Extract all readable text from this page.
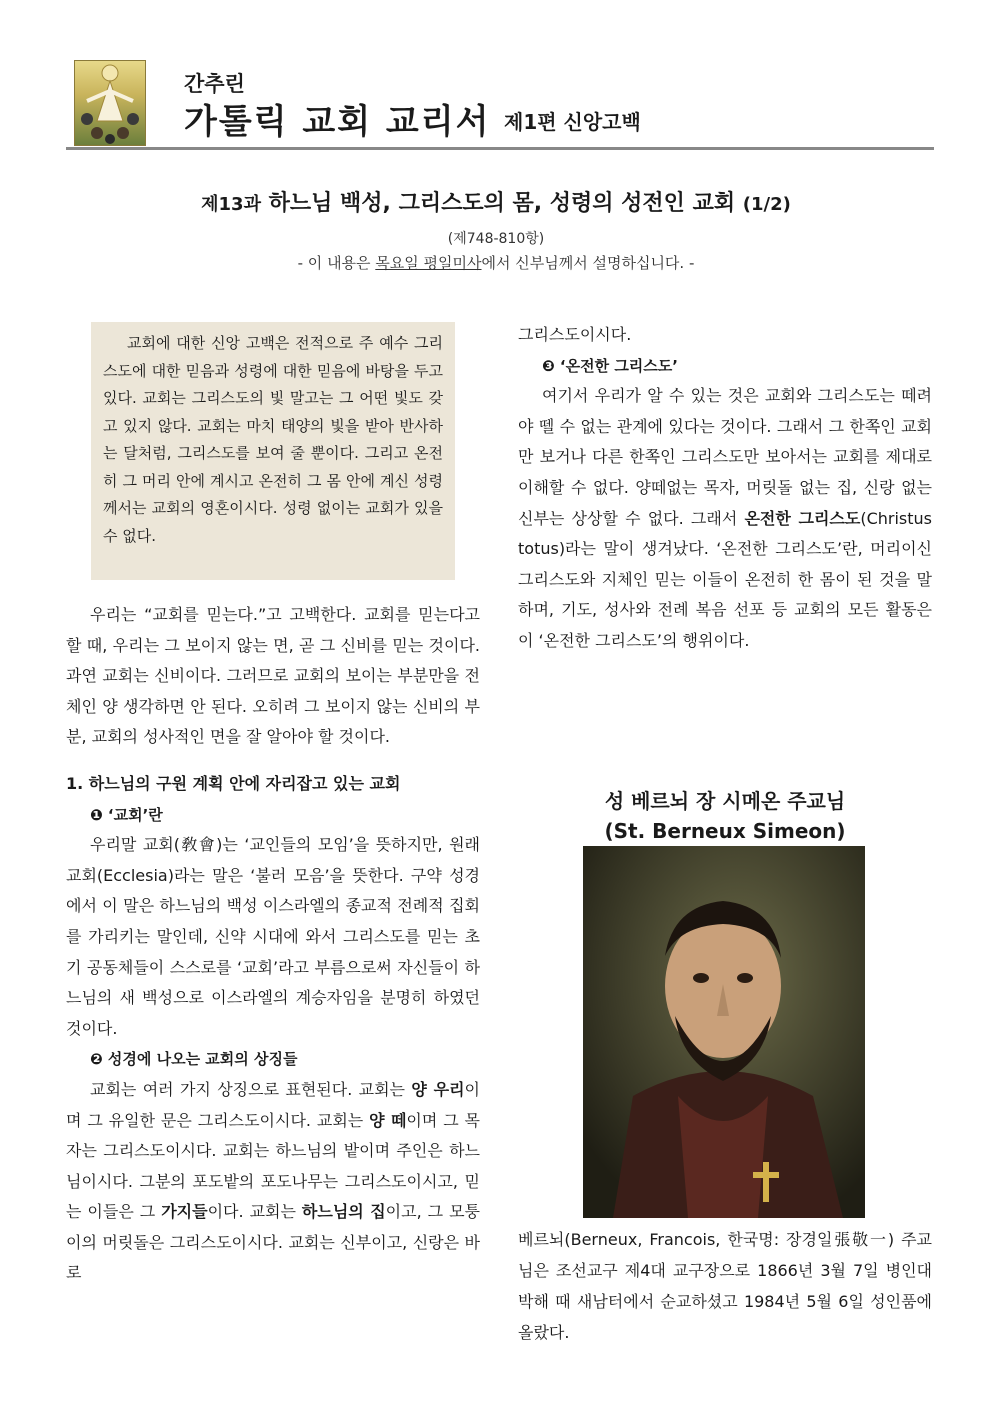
간추린
가톨릭 교회 교리서 제1편 신앙고백
제13과 하느님 백성, 그리스도의 몸, 성령의 성전인 교회 (1/2)
(제748-810항)
- 이 내용은 목요일 평일미사에서 신부님께서 설명하십니다. -

교회에 대한 신앙 고백은 전적으로 주 예수 그리스도에 대한 믿음과 성령에 대한 믿음에 바탕을 두고 있다. 교회는 그리스도의 빛 말고는 그 어떤 빛도 갖고 있지 않다. 교회는 마치 태양의 빛을 받아 반사하는 달처럼, 그리스도를 보여 줄 뿐이다. 그리고 온전히 그 머리 안에 계시고 온전히 그 몸 안에 계신 성령께서는 교회의 영혼이시다. 성령 없이는 교회가 있을 수 없다.

우리는 “교회를 믿는다.”고 고백한다. 교회를 믿는다고 할 때, 우리는 그 보이지 않는 면, 곧 그 신비를 믿는 것이다. 과연 교회는 신비이다. 그러므로 교회의 보이는 부분만을 전체인 양 생각하면 안 된다. 오히려 그 보이지 않는 신비의 부분, 교회의 성사적인 면을 잘 알아야 할 것이다.

1. 하느님의 구원 계획 안에 자리잡고 있는 교회

❶ ‘교회’란

우리말 교회(敎會)는 ‘교인들의 모임’을 뜻하지만, 원래 교회(Ecclesia)라는 말은 ‘불러 모음’을 뜻한다. 구약 성경에서 이 말은 하느님의 백성 이스라엘의 종교적 전례적 집회를 가리키는 말인데, 신약 시대에 와서 그리스도를 믿는 초기 공동체들이 스스로를 ‘교회’라고 부름으로써 자신들이 하느님의 새 백성으로 이스라엘의 계승자임을 분명히 하였던 것이다.

❷ 성경에 나오는 교회의 상징들

교회는 여러 가지 상징으로 표현된다. 교회는 양 우리이며 그 유일한 문은 그리스도이시다. 교회는 양 떼이며 그 목자는 그리스도이시다. 교회는 하느님의 밭이며 주인은 하느님이시다. 그분의 포도밭의 포도나무는 그리스도이시고, 믿는 이들은 그 가지들이다. 교회는 하느님의 집이고, 그 모퉁이의 머릿돌은 그리스도이시다. 교회는 신부이고, 신랑은 바로

그리스도이시다.

❸ ‘온전한 그리스도’

여기서 우리가 알 수 있는 것은 교회와 그리스도는 떼려야 뗄 수 없는 관계에 있다는 것이다. 그래서 그 한쪽인 교회만 보거나 다른 한쪽인 그리스도만 보아서는 교회를 제대로 이해할 수 없다. 양떼없는 목자, 머릿돌 없는 집, 신랑 없는 신부는 상상할 수 없다. 그래서 온전한 그리스도(Christus totus)라는 말이 생겨났다. ‘온전한 그리스도’란, 머리이신 그리스도와 지체인 믿는 이들이 온전히 한 몸이 된 것을 말하며, 기도, 성사와 전례 복음 선포 등 교회의 모든 활동은 이 ‘온전한 그리스도’의 행위이다.

성 베르뇌 장 시메온 주교님
(St. Berneux Simeon)

베르뇌(Berneux, Francois, 한국명: 장경일張敬一) 주교님은 조선교구 제4대 교구장으로 1866년 3월 7일 병인대박해 때 새남터에서 순교하셨고 1984년 5월 6일 성인품에 올랐다.
